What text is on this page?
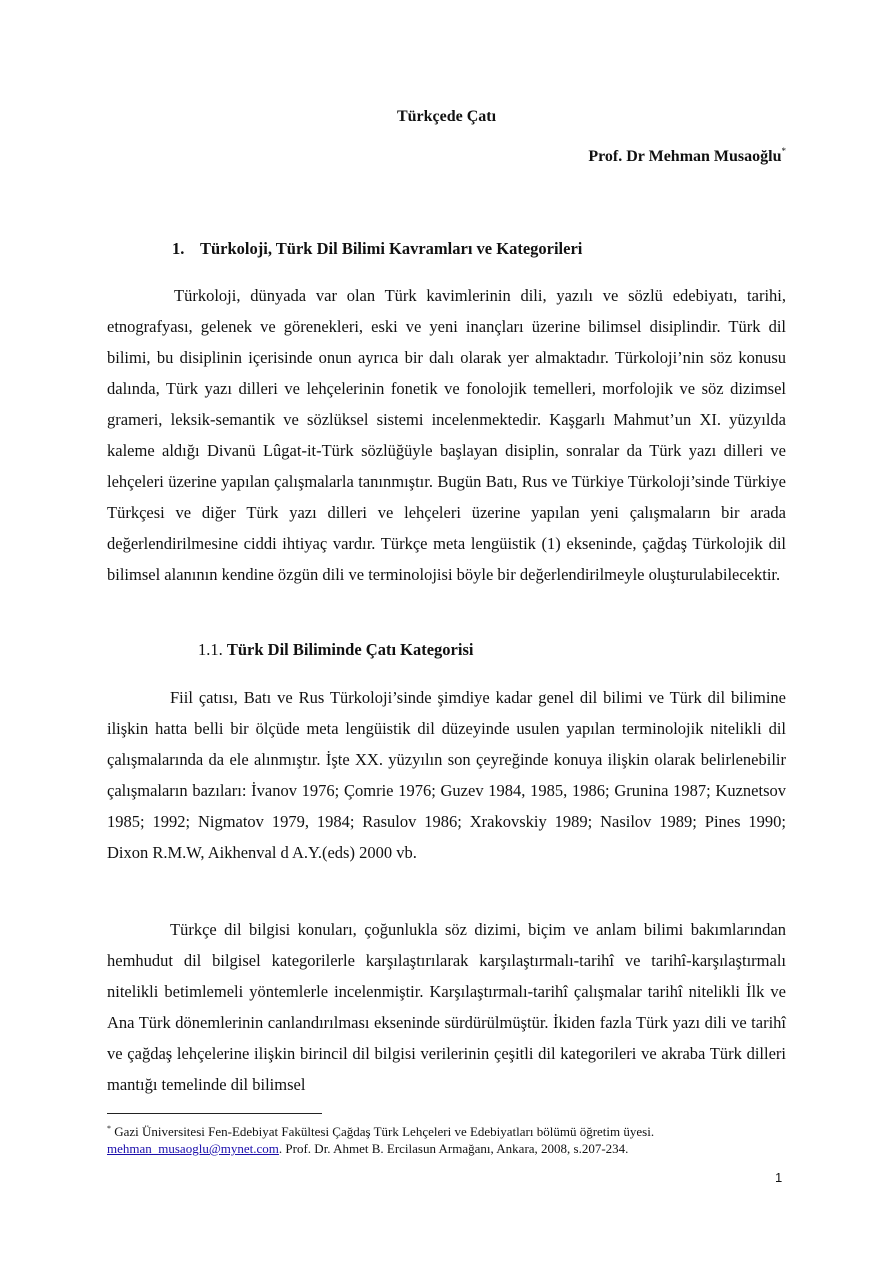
Türkçede Çatı
Prof. Dr Mehman Musaoğlu*
1. Türkoloji, Türk Dil Bilimi Kavramları ve Kategorileri

Türkoloji, dünyada var olan Türk kavimlerinin dili, yazılı ve sözlü edebiyatı, tarihi, etnografyası, gelenek ve görenekleri, eski ve yeni inançları üzerine bilimsel disiplindir. Türk dil bilimi, bu disiplinin içerisinde onun ayrıca bir dalı olarak yer almaktadır. Türkoloji’nin söz konusu dalında, Türk yazı dilleri ve lehçelerinin fonetik ve fonolojik temelleri, morfolojik ve söz dizimsel grameri, leksik-semantik ve sözlüksel sistemi incelenmektedir. Kaşgarlı Mahmut’un XI. yüzyılda kaleme aldığı Divanü Lûgat-it-Türk sözlüğüyle başlayan disiplin, sonralar da Türk yazı dilleri ve lehçeleri üzerine yapılan çalışmalarla tanınmıştır. Bugün Batı, Rus ve Türkiye Türkoloji’sinde Türkiye Türkçesi ve diğer Türk yazı dilleri ve lehçeleri üzerine yapılan yeni çalışmaların bir arada değerlendirilmesine ciddi ihtiyaç vardır. Türkçe meta lengüistik (1) ekseninde, çağdaş Türkolojik dil bilimsel alanının kendine özgün dili ve terminolojisi böyle bir değerlendirilmeyle oluşturulabilecektir.

1.1. Türk Dil Biliminde Çatı Kategorisi

Fiil çatısı, Batı ve Rus Türkoloji’sinde şimdiye kadar genel dil bilimi ve Türk dil bilimine ilişkin hatta belli bir ölçüde meta lengüistik dil düzeyinde usulen yapılan terminolojik nitelikli dil çalışmalarında da ele alınmıştır. İşte XX. yüzyılın son çeyreğinde konuya ilişkin olarak belirlenebilir çalışmaların bazıları: İvanov 1976; Çomrie 1976; Guzev 1984, 1985, 1986; Grunina 1987; Kuznetsov 1985; 1992; Nigmatov 1979, 1984; Rasulov 1986; Xrakovskiy 1989; Nasilov 1989; Pines 1990; Dixon R.M.W, Aikhenval d A.Y.(eds) 2000 vb.

Türkçe dil bilgisi konuları, çoğunlukla söz dizimi, biçim ve anlam bilimi bakımlarından hemhudut dil bilgisel kategorilerle karşılaştırılarak karşılaştırmalı-tarihî ve tarihî-karşılaştırmalı nitelikli betimlemeli yöntemlerle incelenmiştir. Karşılaştırmalı-tarihî çalışmalar tarihî nitelikli İlk ve Ana Türk dönemlerinin canlandırılması ekseninde sürdürülmüştür. İkiden fazla Türk yazı dili ve tarihî ve çağdaş lehçelerine ilişkin birincil dil bilgisi verilerinin çeşitli dil kategorileri ve akraba Türk dilleri mantığı temelinde dil bilimsel

* Gazi Üniversitesi Fen-Edebiyat Fakültesi Çağdaş Türk Lehçeleri ve Edebiyatları bölümü öğretim üyesi.
mehman_musaoglu@mynet.com. Prof. Dr. Ahmet B. Ercilasun Armağanı, Ankara, 2008, s.207-234.
1
